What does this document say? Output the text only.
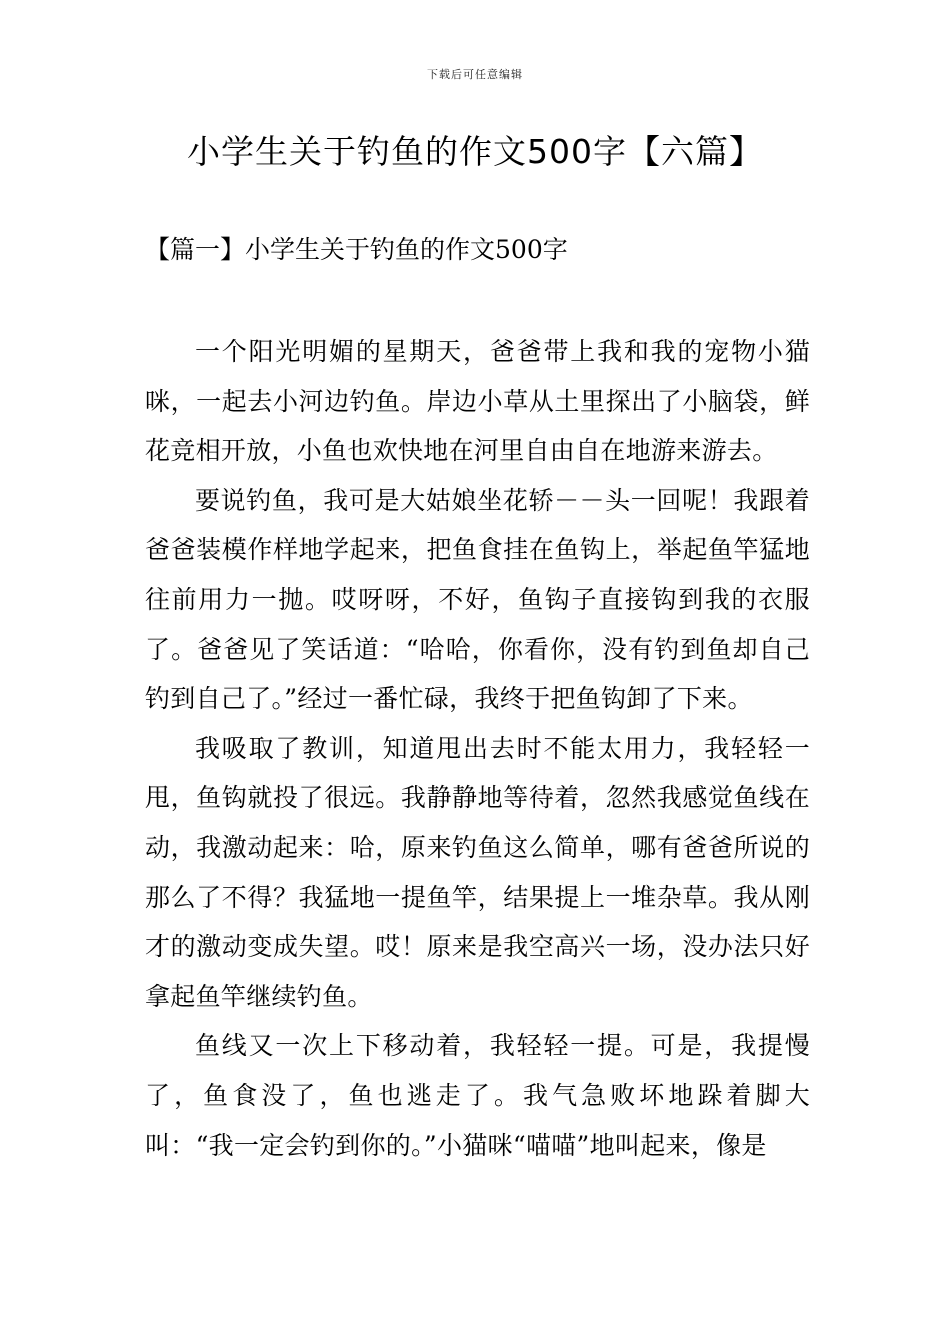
下载后可任意编辑
小学生关于钓鱼的作文500字【六篇】
【篇一】小学生关于钓鱼的作文500字

一个阳光明媚的星期天，爸爸带上我和我的宠物小猫咪，一起去小河边钓鱼。岸边小草从土里探出了小脑袋，鲜花竞相开放，小鱼也欢快地在河里自由自在地游来游去。

要说钓鱼，我可是大姑娘坐花轿－－头一回呢！我跟着爸爸装模作样地学起来，把鱼食挂在鱼钩上，举起鱼竿猛地往前用力一抛。哎呀呀，不好，鱼钩子直接钩到我的衣服了。爸爸见了笑话道：“哈哈，你看你，没有钓到鱼却自己钓到自己了。”经过一番忙碌，我终于把鱼钩卸了下来。

我吸取了教训，知道甩出去时不能太用力，我轻轻一甩，鱼钩就投了很远。我静静地等待着，忽然我感觉鱼线在动，我激动起来：哈，原来钓鱼这么简单，哪有爸爸所说的那么了不得？我猛地一提鱼竿，结果提上一堆杂草。我从刚才的激动变成失望。哎！原来是我空高兴一场，没办法只好拿起鱼竿继续钓鱼。

鱼线又一次上下移动着，我轻轻一提。可是，我提慢了，鱼食没了，鱼也逃走了。我气急败坏地跺着脚大叫：“我一定会钓到你的。”小猫咪“喵喵”地叫起来，像是
